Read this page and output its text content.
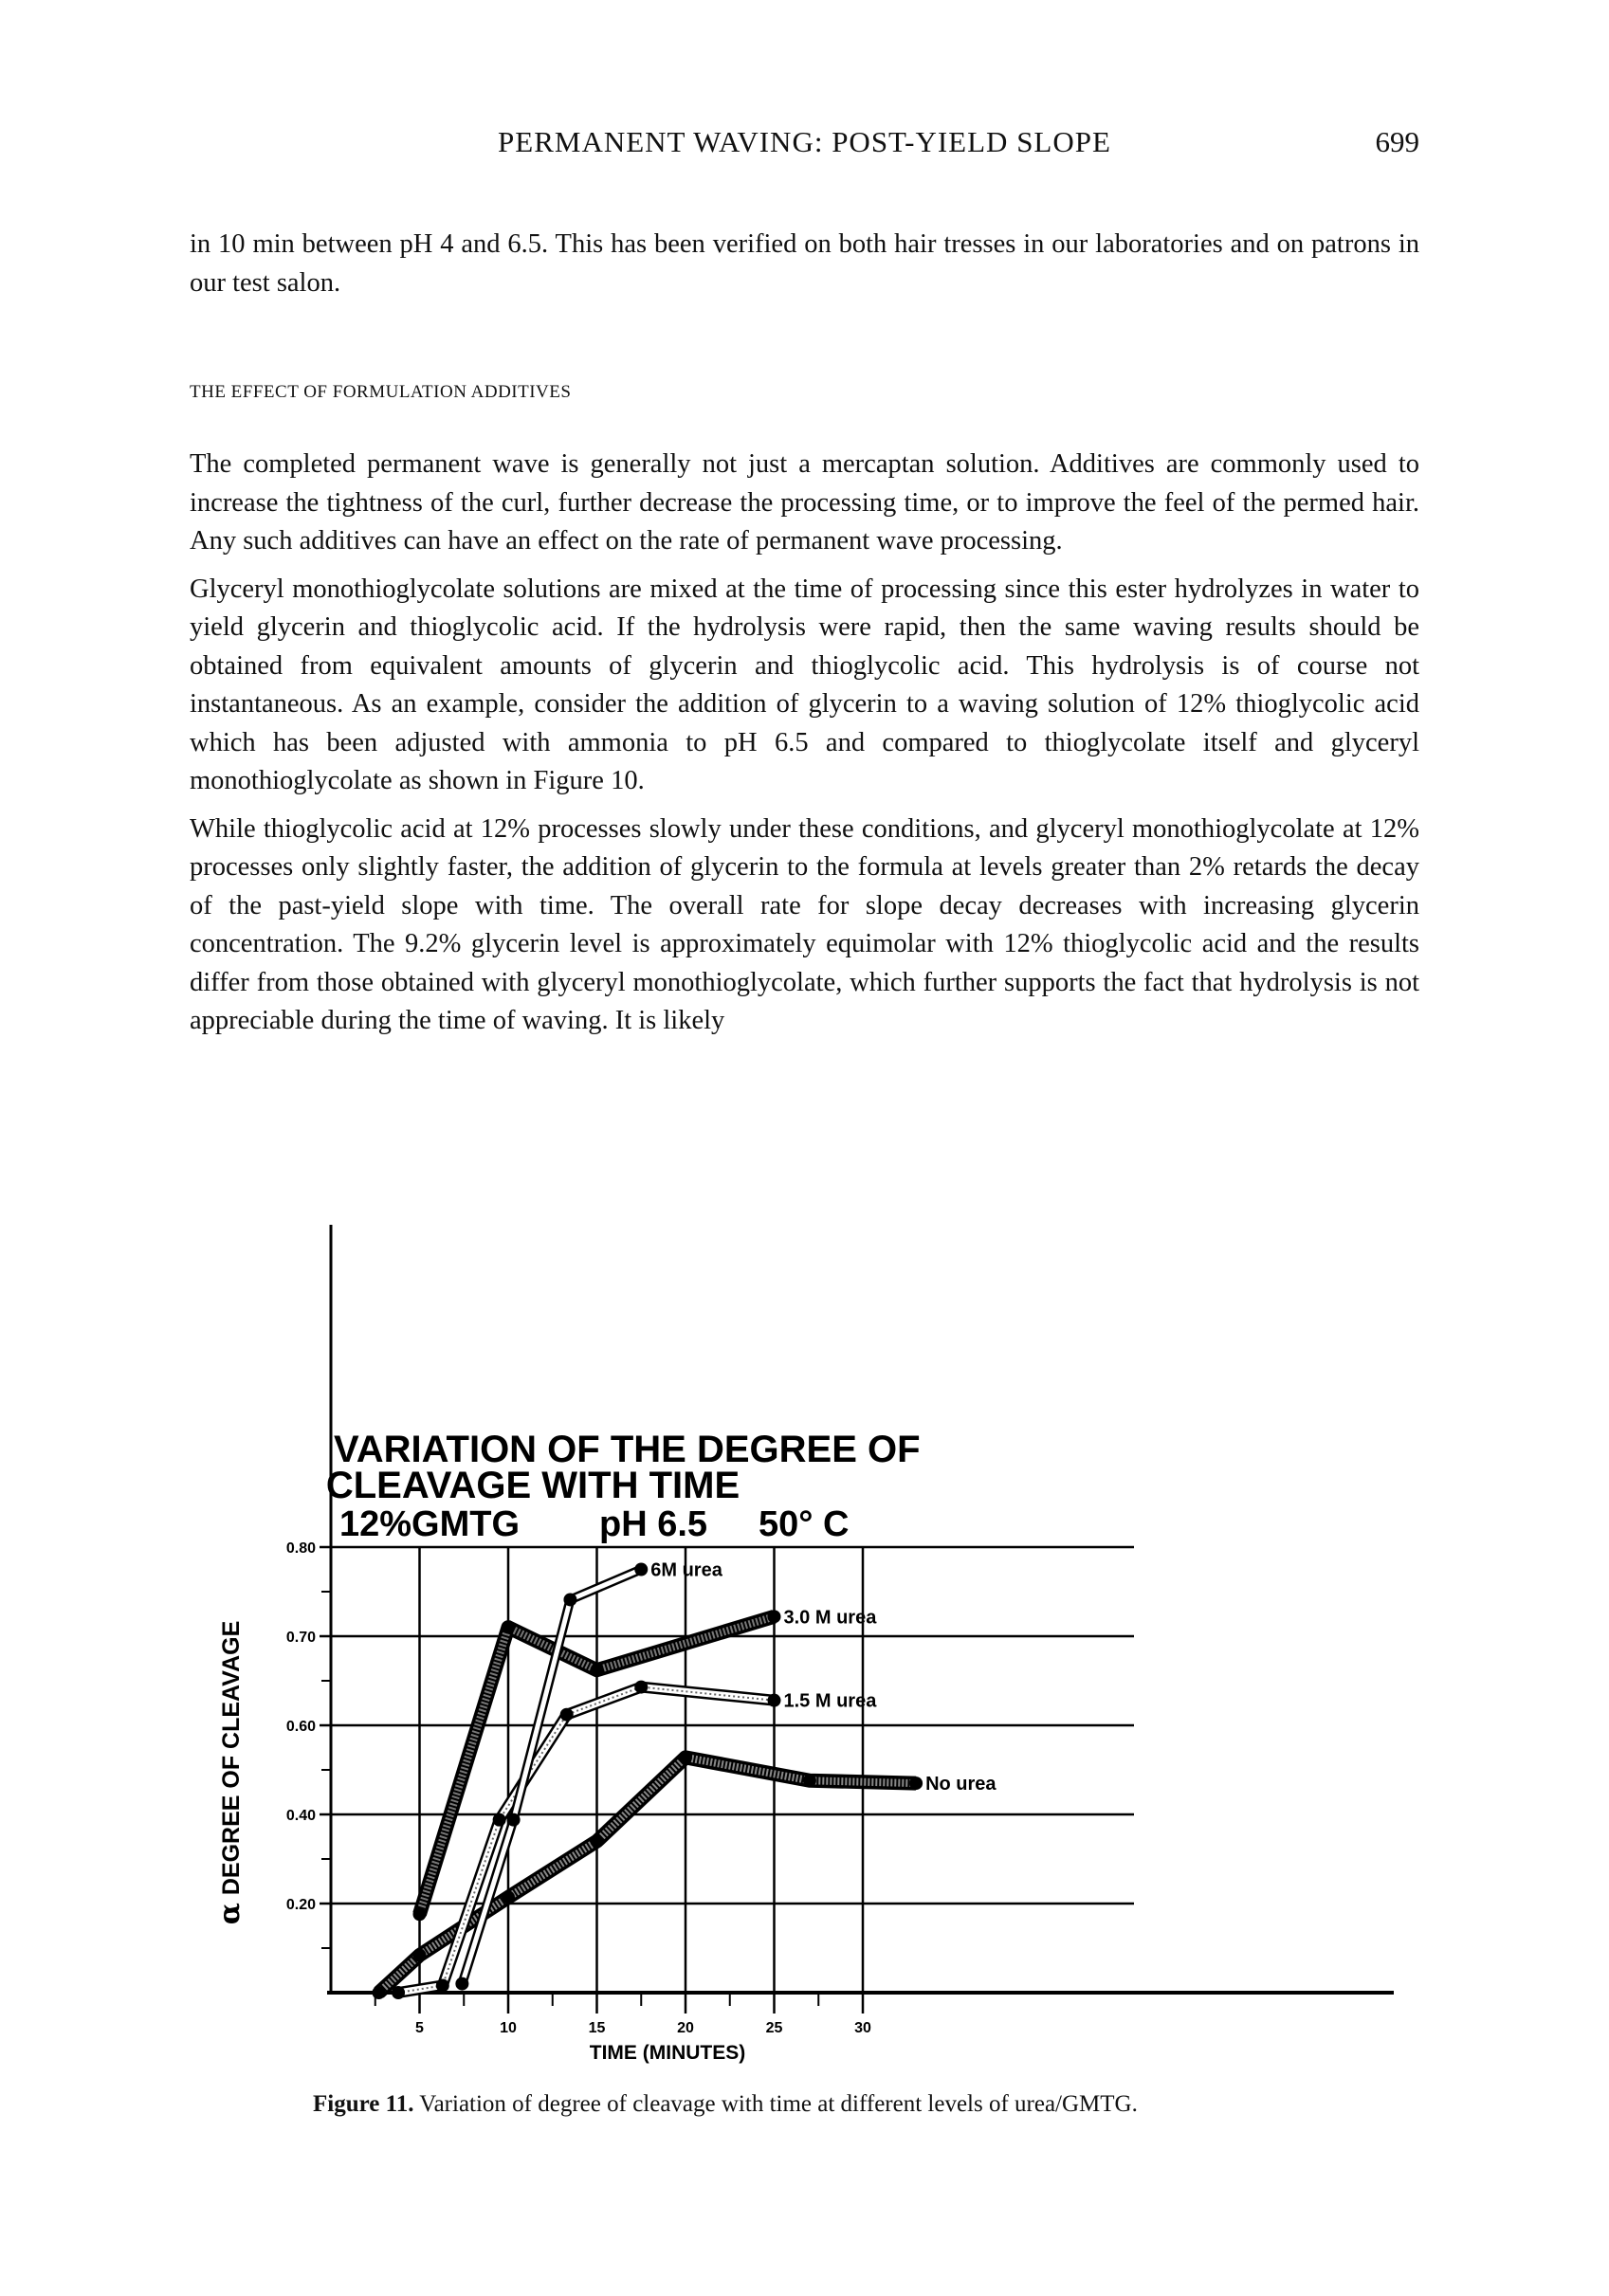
PERMANENT WAVING: POST-YIELD SLOPE	699

in 10 min between pH 4 and 6.5. This has been verified on both hair tresses in our laboratories and on patrons in our test salon.

THE EFFECT OF FORMULATION ADDITIVES

The completed permanent wave is generally not just a mercaptan solution. Additives are commonly used to increase the tightness of the curl, further decrease the processing time, or to improve the feel of the permed hair. Any such additives can have an effect on the rate of permanent wave processing.

Glyceryl monothioglycolate solutions are mixed at the time of processing since this ester hydrolyzes in water to yield glycerin and thioglycolic acid. If the hydrolysis were rapid, then the same waving results should be obtained from equivalent amounts of glycerin and thioglycolic acid. This hydrolysis is of course not instantaneous. As an example, consider the addition of glycerin to a waving solution of 12% thioglycolic acid which has been adjusted with ammonia to pH 6.5 and compared to thioglycolate itself and glyceryl monothioglycolate as shown in Figure 10.

While thioglycolic acid at 12% processes slowly under these conditions, and glyceryl monothioglycolate at 12% processes only slightly faster, the addition of glycerin to the formula at levels greater than 2% retards the decay of the past-yield slope with time. The overall rate for slope decay decreases with increasing glycerin concentration. The 9.2% glycerin level is approximately equimolar with 12% thioglycolic acid and the results differ from those obtained with glyceryl monothioglycolate, which further supports the fact that hydrolysis is not appreciable during the time of waving. It is likely

VARIATION OF THE DEGREE OF
CLEAVAGE WITH TIME
12%GMTG pH 6.5 50° C
αDEGREE OF CLEAVAGE
TIME (MINUTES)
0.80
0.70
0.60
0.40
0.20
5	10	15	20	25	30
No urea
3.0 M urea
1.5 M urea
6M urea
Figure 11. Variation of degree of cleavage with time at different levels of urea/GMTG.
